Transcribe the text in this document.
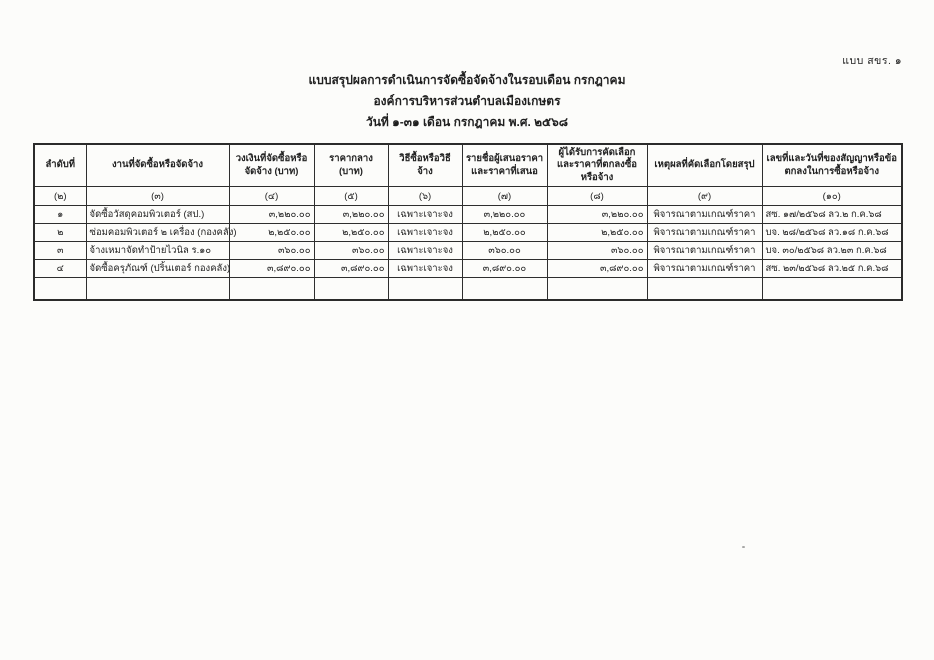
แบบ สขร. ๑
แบบสรุปผลการดำเนินการจัดซื้อจัดจ้างในรอบเดือน กรกฎาคม
องค์การบริหารส่วนตำบลเมืองเกษตร
วันที่ ๑-๓๑ เดือน กรกฎาคม พ.ศ. ๒๕๖๘
ลำดับที่	งานที่จัดซื้อหรือจัดจ้าง	วงเงินที่จัดซื้อหรือจัดจ้าง (บาท)	ราคากลาง (บาท)	วิธีซื้อหรือวิธีจ้าง	รายชื่อผู้เสนอราคาและราคาที่เสนอ	ผู้ได้รับการคัดเลือกและราคาที่ตกลงซื้อหรือจ้าง	เหตุผลที่คัดเลือกโดยสรุป	เลขที่และวันที่ของสัญญาหรือข้อตกลงในการซื้อหรือจ้าง
(๒)	(๓)	(๔)	(๕)	(๖)	(๗)	(๘)	(๙)	(๑๐)
๑	จัดซื้อวัสดุคอมพิวเตอร์ (สป.)	๓,๒๒๐.๐๐	๓,๒๒๐.๐๐	เฉพาะเจาะจง	๓,๒๒๐.๐๐	๓,๒๒๐.๐๐	พิจารณาตามเกณฑ์ราคา	สซ. ๑๗/๒๕๖๘ ลว.๒ ก.ค.๖๘
๒	ซ่อมคอมพิวเตอร์ ๒ เครื่อง (กองคลัง)	๒,๒๕๐.๐๐	๒,๒๕๐.๐๐	เฉพาะเจาะจง	๒,๒๕๐.๐๐	๒,๒๕๐.๐๐	พิจารณาตามเกณฑ์ราคา	บจ. ๒๘/๒๕๖๘ ลว.๑๘ ก.ค.๖๘
๓	จ้างเหมาจัดทำป้ายไวนิล ร.๑๐	๓๖๐.๐๐	๓๖๐.๐๐	เฉพาะเจาะจง	๓๖๐.๐๐	๓๖๐.๐๐	พิจารณาตามเกณฑ์ราคา	บจ. ๓๐/๒๕๖๘ ลว.๒๓ ก.ค.๖๘
๔	จัดซื้อครุภัณฑ์ (ปริ้นเตอร์ กองคลัง)	๓,๘๙๐.๐๐	๓,๘๙๐.๐๐	เฉพาะเจาะจง	๓,๘๙๐.๐๐	๓,๘๙๐.๐๐	พิจารณาตามเกณฑ์ราคา	สซ. ๒๓/๒๕๖๘ ลว.๒๕ ก.ค.๖๘
